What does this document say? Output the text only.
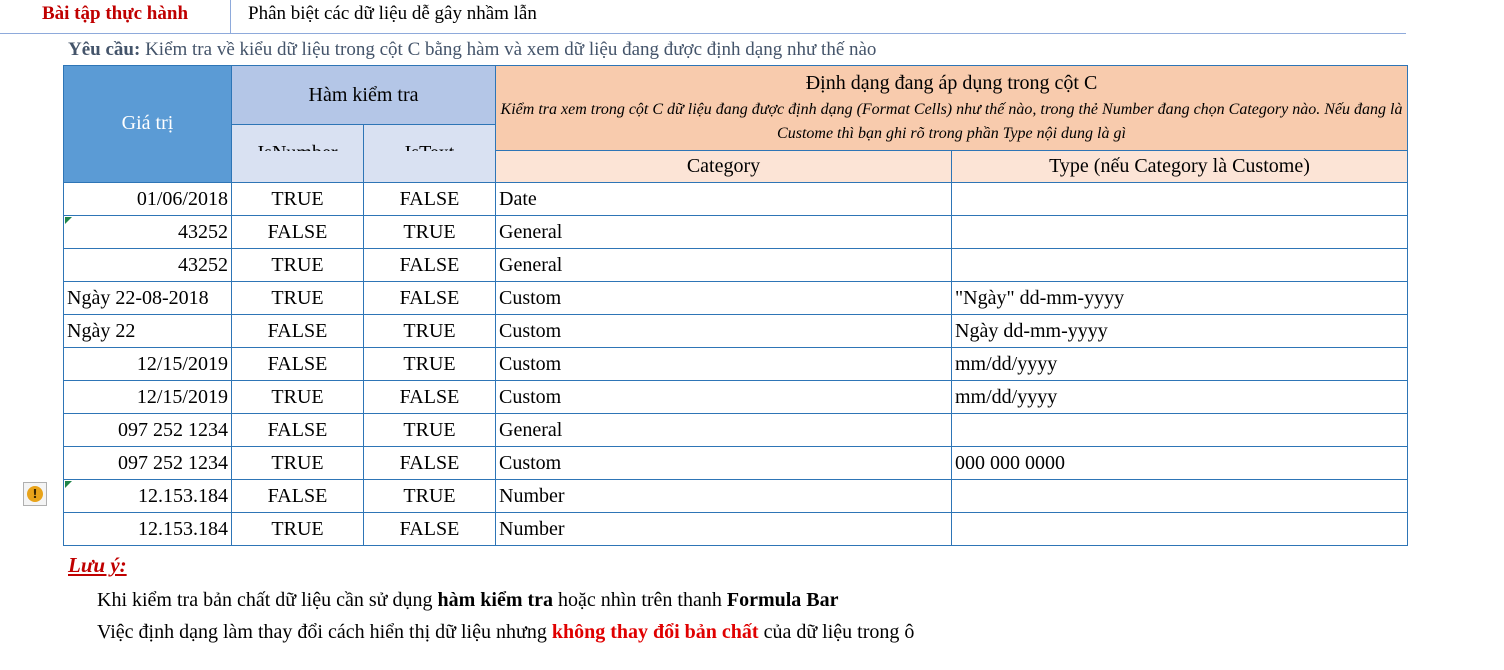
Bài tập thực hành	Phân biệt các dữ liệu dễ gây nhầm lẫn
Yêu cầu: Kiểm tra về kiểu dữ liệu trong cột C bằng hàm và xem dữ liệu đang được định dạng như thế nào
Giá trị	Hàm kiểm tra		Định dạng đang áp dụng trong cột C
Kiểm tra xem trong cột C dữ liệu đang được định dạng (Format Cells) như thế nào, trong thẻ Number đang chọn Category nào. Nếu đang là Custome thì bạn ghi rõ trong phần Type nội dung là gì

			Category	Type (nếu Category là Custome)
01/06/2018	TRUE	FALSE	Date	
43252	FALSE	TRUE	General	
43252	TRUE	FALSE	General	
Ngày 22-08-2018	TRUE	FALSE	Custom	"Ngày" dd-mm-yyyy
Ngày 22	FALSE	TRUE	Custom	Ngày dd-mm-yyyy
12/15/2019	FALSE	TRUE	Custom	mm/dd/yyyy
12/15/2019	TRUE	FALSE	Custom	mm/dd/yyyy
097 252 1234	FALSE	TRUE	General	
097 252 1234	TRUE	FALSE	Custom	000 000 0000
12.153.184	FALSE	TRUE	Number	
12.153.184	TRUE	FALSE	Number	
!
Lưu ý:
Khi kiểm tra bản chất dữ liệu cần sử dụng hàm kiểm tra hoặc nhìn trên thanh Formula Bar
Việc định dạng làm thay đổi cách hiển thị dữ liệu nhưng không thay đổi bản chất của dữ liệu trong ô
